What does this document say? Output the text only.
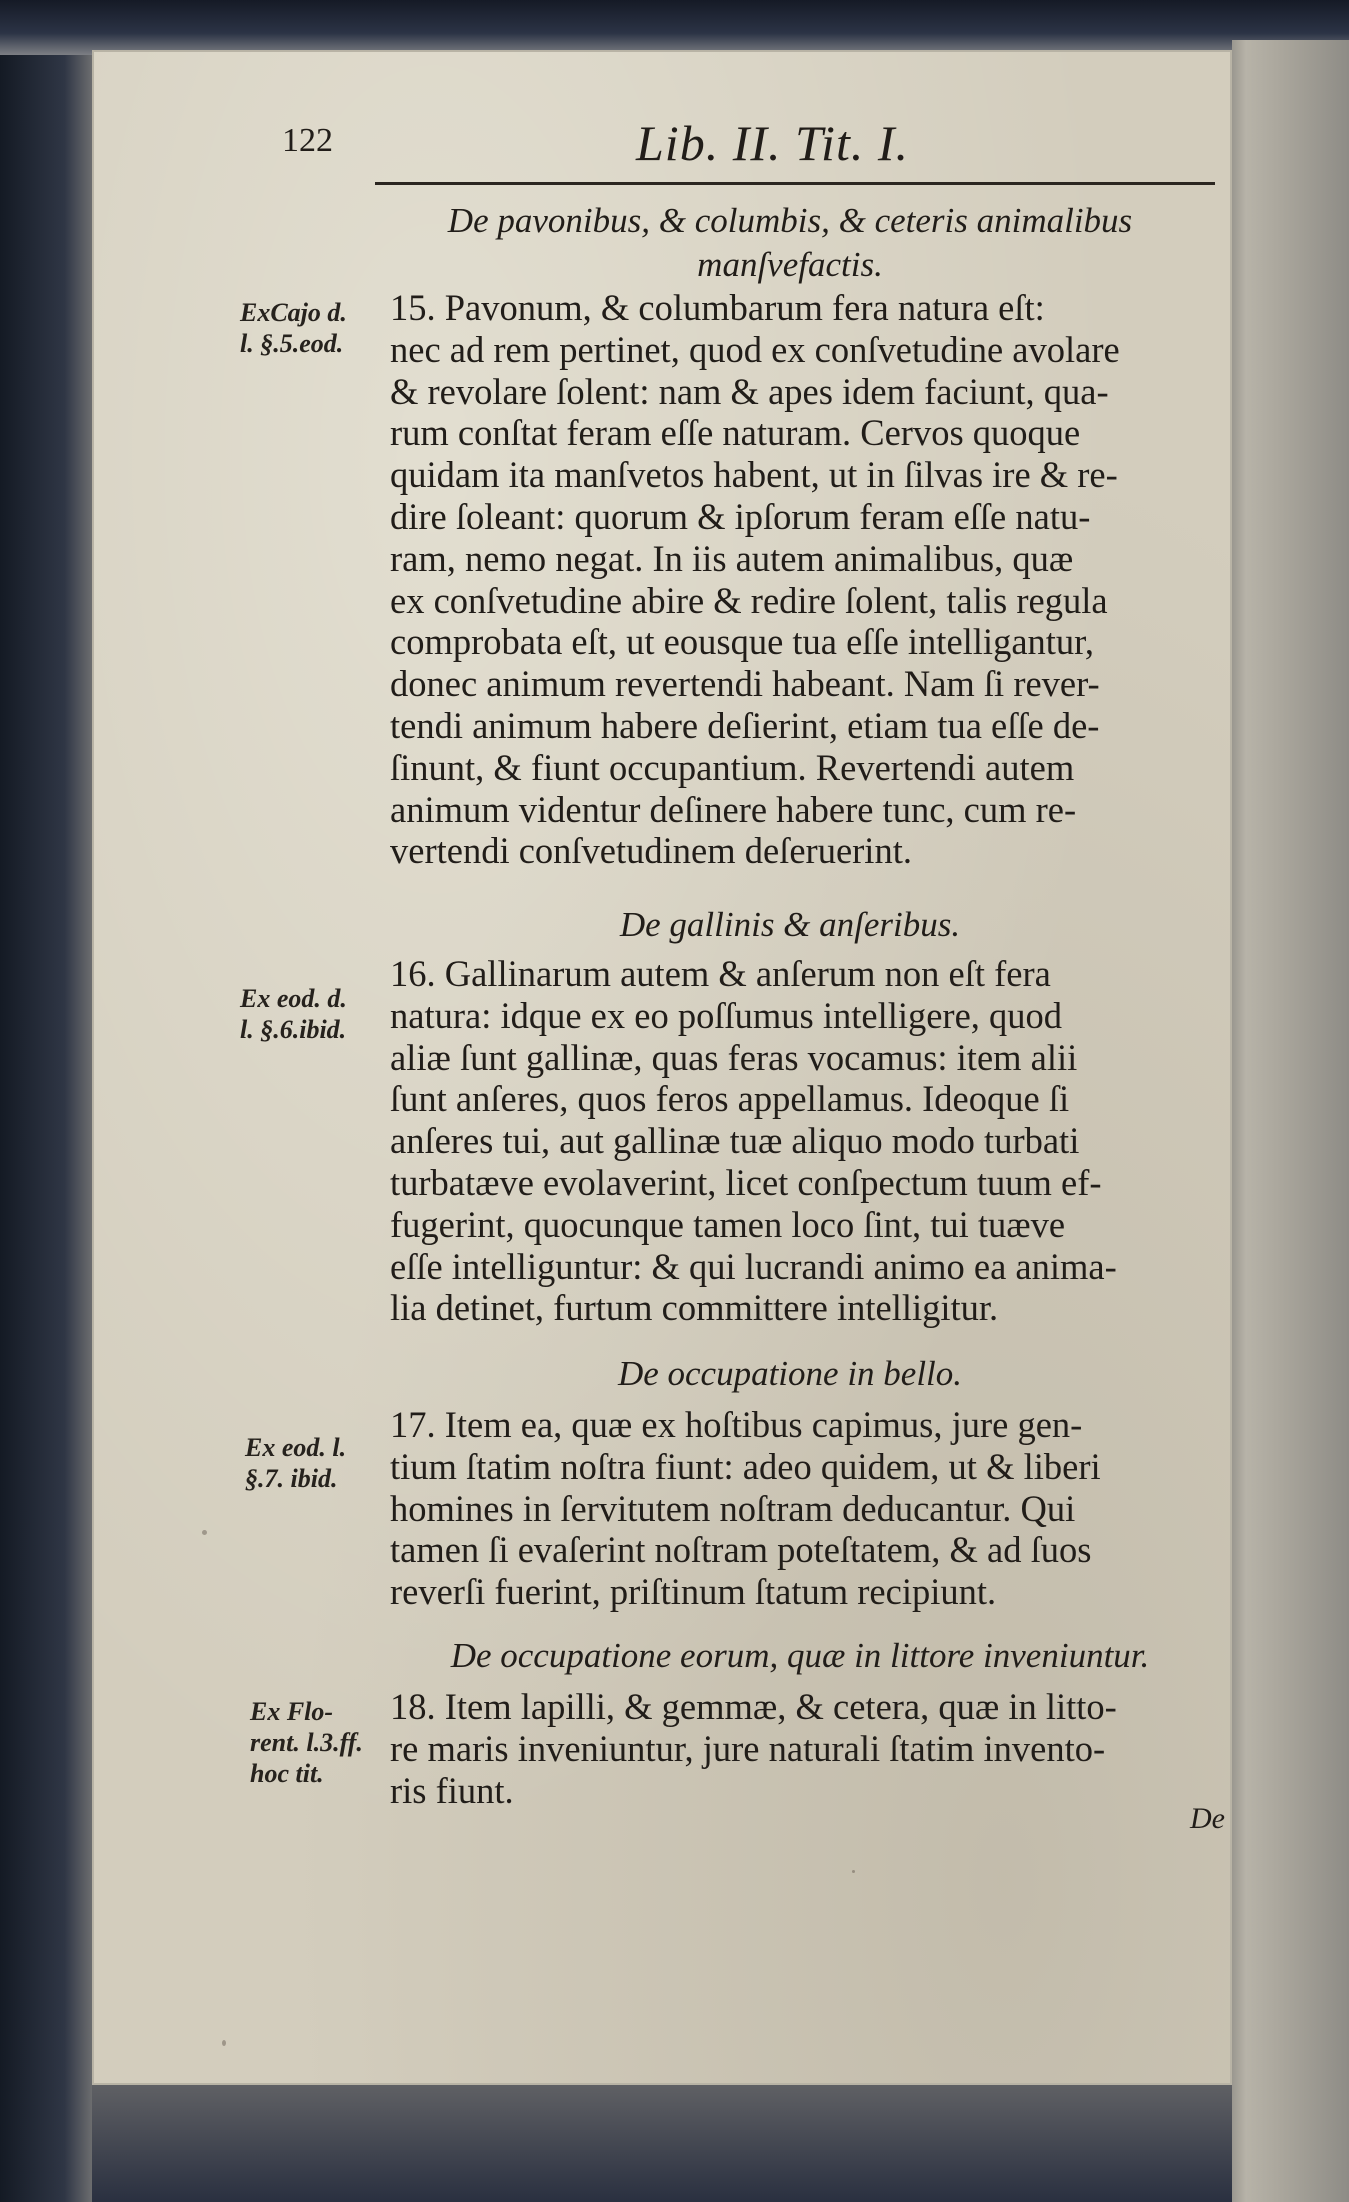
122	Lib. II. Tit. I.
De pavonibus, & columbis, & ceteris animalibus
manſvefactis.
ExCajo d.
l. §.5.eod.
15. Pavonum, & columbarum fera natura eſt:
nec ad rem pertinet, quod ex conſvetudine avolare
& revolare ſolent: nam & apes idem faciunt, qua-
rum conſtat feram eſſe naturam. Cervos quoque
quidam ita manſvetos habent, ut in ſilvas ire & re-
dire ſoleant: quorum & ipſorum feram eſſe natu-
ram, nemo negat. In iis autem animalibus, quæ
ex conſvetudine abire & redire ſolent, talis regula
comprobata eſt, ut eousque tua eſſe intelligantur,
donec animum revertendi habeant. Nam ſi rever-
tendi animum habere deſierint, etiam tua eſſe de-
ſinunt, & fiunt occupantium. Revertendi autem
animum videntur deſinere habere tunc, cum re-
vertendi conſvetudinem deſeruerint.
De gallinis & anſeribus.
Ex eod. d.
l. §.6.ibid.
16. Gallinarum autem & anſerum non eſt fera
natura: idque ex eo poſſumus intelligere, quod
aliæ ſunt gallinæ, quas feras vocamus: item alii
ſunt anſeres, quos feros appellamus. Ideoque ſi
anſeres tui, aut gallinæ tuæ aliquo modo turbati
turbatæve evolaverint, licet conſpectum tuum ef-
fugerint, quocunque tamen loco ſint, tui tuæve
eſſe intelliguntur: & qui lucrandi animo ea anima-
lia detinet, furtum committere intelligitur.
De occupatione in bello.
Ex eod. l.
§.7. ibid.
17. Item ea, quæ ex hoſtibus capimus, jure gen-
tium ſtatim noſtra fiunt: adeo quidem, ut & liberi
homines in ſervitutem noſtram deducantur. Qui
tamen ſi evaſerint noſtram poteſtatem, & ad ſuos
reverſi fuerint, priſtinum ſtatum recipiunt.
De occupatione eorum, quæ in littore inveniuntur.
Ex Flo-
rent. l.3.ff.
hoc tit.
18. Item lapilli, & gemmæ, & cetera, quæ in litto-
re maris inveniuntur, jure naturali ſtatim invento-
ris fiunt.
De
